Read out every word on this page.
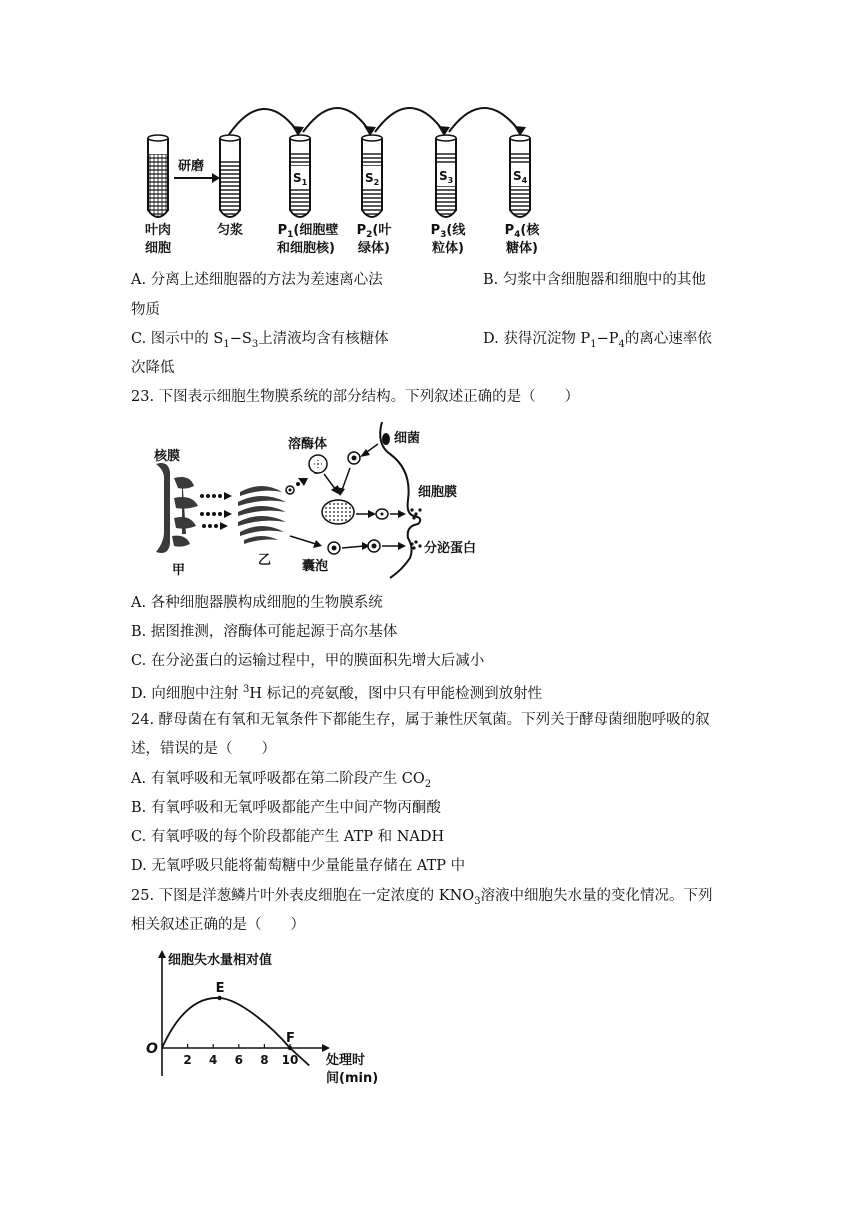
研磨
$S_1$	$S_2$	$S_3$	$S_4$
叶肉
细胞
匀浆	$P_1$(细胞壁
和细胞核)
$P_2$(叶
绿体)
$P_3$(线
粒体)
$P_4$(核
糖体)
A. 分离上述细胞器的方法为差速离心法	B. 匀浆中含细胞器和细胞中的其他
物质
C. 图示中的 $S_1-S_3$上清液均含有核糖体	D. 获得沉淀物 $P_1-P_4$的离心速率依
次降低
23. 下图表示细胞生物膜系统的部分结构。下列叙述正确的是（　　）
核膜
甲
乙
溶酶体	细菌
细胞膜
囊泡
分泌蛋白
A. 各种细胞器膜构成细胞的生物膜系统
B. 据图推测，溶酶体可能起源于高尔基体
C. 在分泌蛋白的运输过程中，甲的膜面积先增大后减小
D. 向细胞中注射 $^3$H 标记的亮氨酸，图中只有甲能检测到放射性
24. 酵母菌在有氧和无氧条件下都能生存，属于兼性厌氧菌。下列关于酵母菌细胞呼吸的叙
述，错误的是（　　）
A. 有氧呼吸和无氧呼吸都在第二阶段产生 $CO_2$
B. 有氧呼吸和无氧呼吸都能产生中间产物丙酮酸
C. 有氧呼吸的每个阶段都能产生 ATP 和 NADH
D. 无氧呼吸只能将葡萄糖中少量能量存储在 ATP 中
25. 下图是洋葱鳞片叶外表皮细胞在一定浓度的 $KNO_3$溶液中细胞失水量的变化情况。下列
相关叙述正确的是（　　）
细胞失水量相对值
处理时
间(min)
O
2 4 6 8 10
E
F
